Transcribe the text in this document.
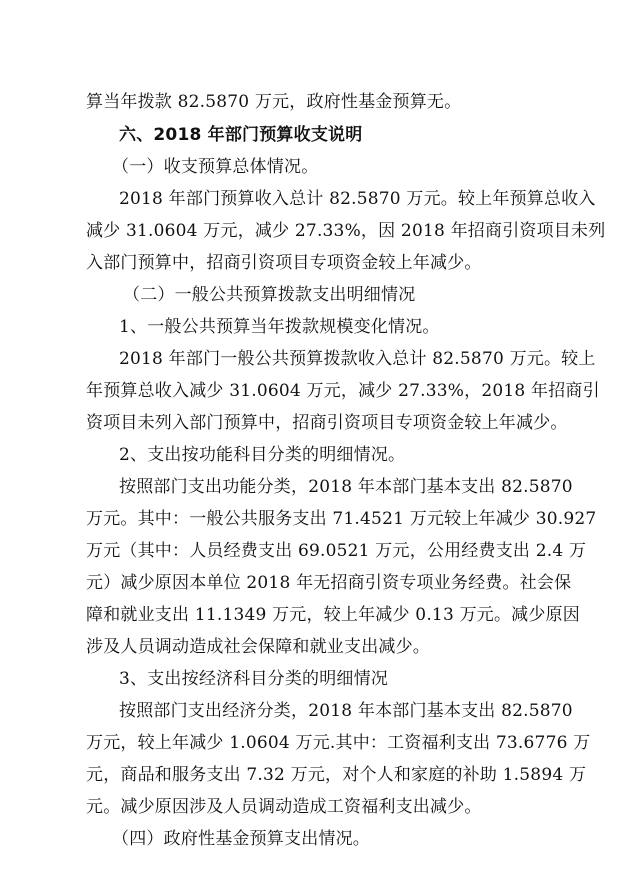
算当年拨款 82.5870 万元，政府性基金预算无。
六、2018 年部门预算收支说明
（一）收支预算总体情况。
2018 年部门预算收入总计 82.5870 万元。较上年预算总收入
减少 31.0604 万元，减少 27.33%，因 2018 年招商引资项目未列
入部门预算中，招商引资项目专项资金较上年减少。
（二）一般公共预算拨款支出明细情况
1、一般公共预算当年拨款规模变化情况。
2018 年部门一般公共预算拨款收入总计 82.5870 万元。较上
年预算总收入减少 31.0604 万元，减少 27.33%，2018 年招商引
资项目未列入部门预算中，招商引资项目专项资金较上年减少。
2、支出按功能科目分类的明细情况。
按照部门支出功能分类，2018 年本部门基本支出 82.5870
万元。其中：一般公共服务支出 71.4521 万元较上年减少 30.927
万元（其中：人员经费支出 69.0521 万元，公用经费支出 2.4 万
元）减少原因本单位 2018 年无招商引资专项业务经费。社会保
障和就业支出 11.1349 万元，较上年减少 0.13 万元。减少原因
涉及人员调动造成社会保障和就业支出减少。
3、支出按经济科目分类的明细情况
按照部门支出经济分类，2018 年本部门基本支出 82.5870
万元，较上年减少 1.0604 万元.其中：工资福利支出 73.6776 万
元，商品和服务支出 7.32 万元，对个人和家庭的补助 1.5894 万
元。减少原因涉及人员调动造成工资福利支出减少。
（四）政府性基金预算支出情况。
